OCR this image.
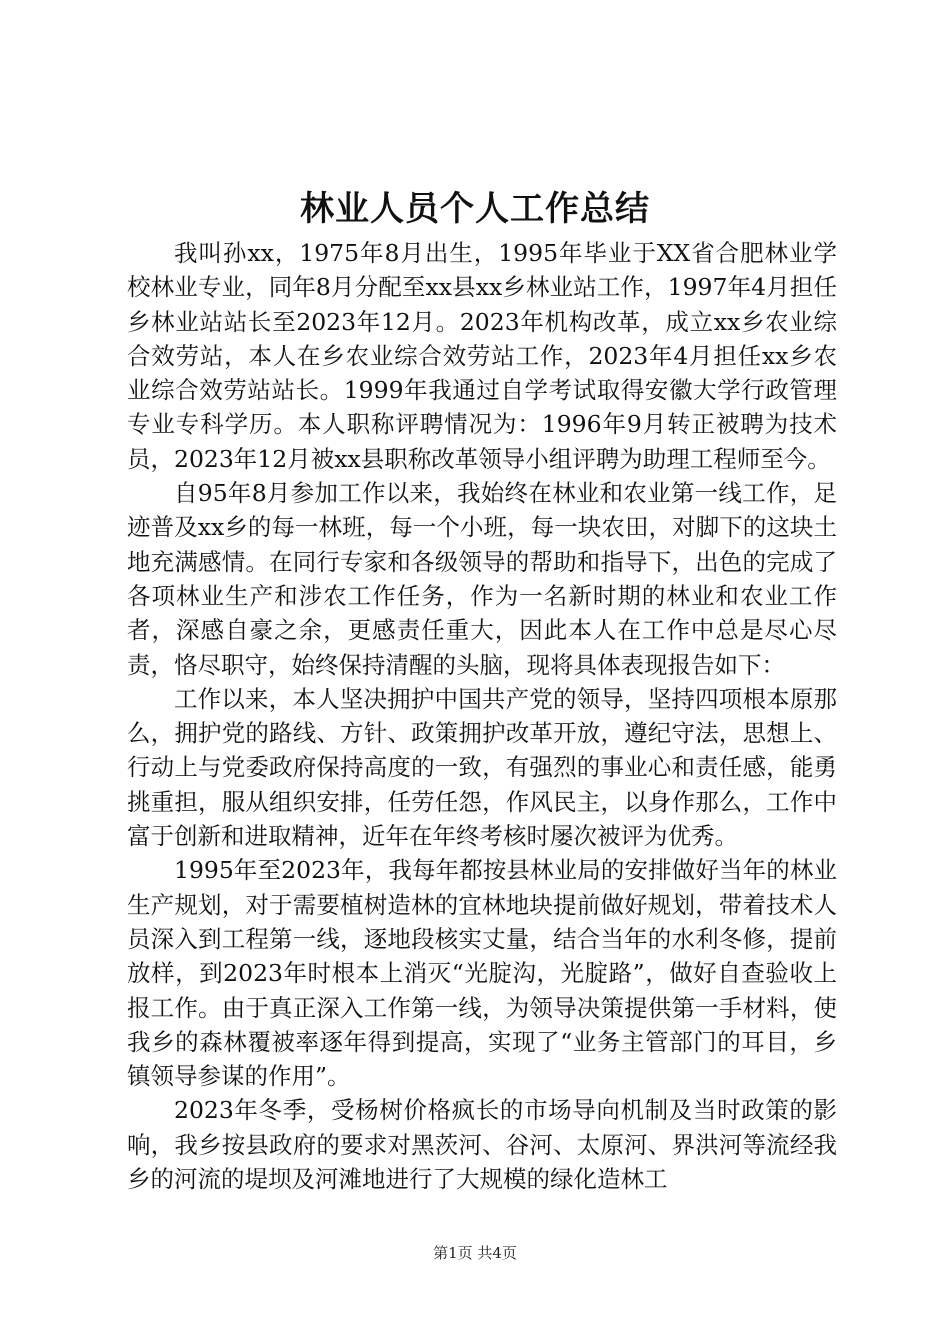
林业人员个人工作总结

我叫孙xx，1975年8月出生，1995年毕业于XX省合肥林业学校林业专业，同年8月分配至xx县xx乡林业站工作，1997年4月担任乡林业站站长至2023年12月。2023年机构改革，成立xx乡农业综合效劳站，本人在乡农业综合效劳站工作，2023年4月担任xx乡农业综合效劳站站长。1999年我通过自学考试取得安徽大学行政管理专业专科学历。本人职称评聘情况为：1996年9月转正被聘为技术员，2023年12月被xx县职称改革领导小组评聘为助理工程师至今。

自95年8月参加工作以来，我始终在林业和农业第一线工作，足迹普及xx乡的每一林班，每一个小班，每一块农田，对脚下的这块土地充满感情。在同行专家和各级领导的帮助和指导下，出色的完成了各项林业生产和涉农工作任务，作为一名新时期的林业和农业工作者，深感自豪之余，更感责任重大，因此本人在工作中总是尽心尽责，恪尽职守，始终保持清醒的头脑，现将具体表现报告如下：

工作以来，本人坚决拥护中国共产党的领导，坚持四项根本原那么，拥护党的路线、方针、政策拥护改革开放，遵纪守法，思想上、行动上与党委政府保持高度的一致，有强烈的事业心和责任感，能勇挑重担，服从组织安排，任劳任怨，作风民主，以身作那么，工作中富于创新和进取精神，近年在年终考核时屡次被评为优秀。

1995年至2023年，我每年都按县林业局的安排做好当年的林业生产规划，对于需要植树造林的宜林地块提前做好规划，带着技术人员深入到工程第一线，逐地段核实丈量，结合当年的水利冬修，提前放样，到2023年时根本上消灭“光腚沟，光腚路”，做好自查验收上报工作。由于真正深入工作第一线，为领导决策提供第一手材料，使我乡的森林覆被率逐年得到提高，实现了“业务主管部门的耳目，乡镇领导参谋的作用”。

2023年冬季，受杨树价格疯长的市场导向机制及当时政策的影响，我乡按县政府的要求对黑茨河、谷河、太原河、界洪河等流经我乡的河流的堤坝及河滩地进行了大规模的绿化造林工

第1页 共4页
